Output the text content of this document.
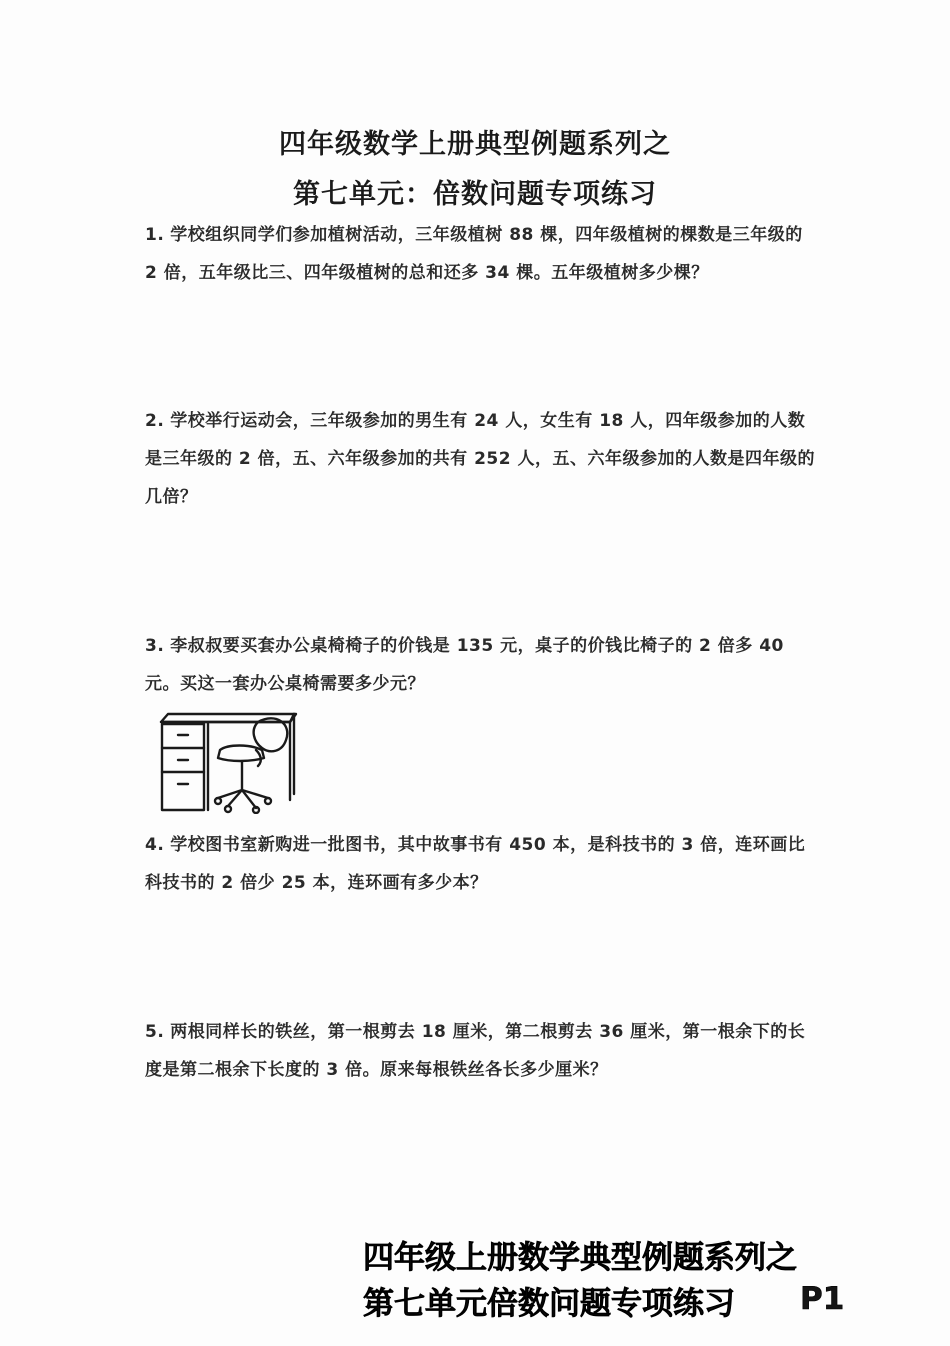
四年级数学上册典型例题系列之
第七单元：倍数问题专项练习
1. 学校组织同学们参加植树活动，三年级植树 88 棵，四年级植树的棵数是三年级的 2 倍，五年级比三、四年级植树的总和还多 34 棵。五年级植树多少棵？
2. 学校举行运动会，三年级参加的男生有 24 人，女生有 18 人，四年级参加的人数是三年级的 2 倍，五、六年级参加的共有 252 人，五、六年级参加的人数是四年级的几倍？
3. 李叔叔要买套办公桌椅椅子的价钱是 135 元，桌子的价钱比椅子的 2 倍多 40 元。买这一套办公桌椅需要多少元？
4. 学校图书室新购进一批图书，其中故事书有 450 本，是科技书的 3 倍，连环画比科技书的 2 倍少 25 本，连环画有多少本？
5. 两根同样长的铁丝，第一根剪去 18 厘米，第二根剪去 36 厘米，第一根余下的长度是第二根余下长度的 3 倍。原来每根铁丝各长多少厘米？
四年级上册数学典型例题系列之
第七单元倍数问题专项练习	P1
